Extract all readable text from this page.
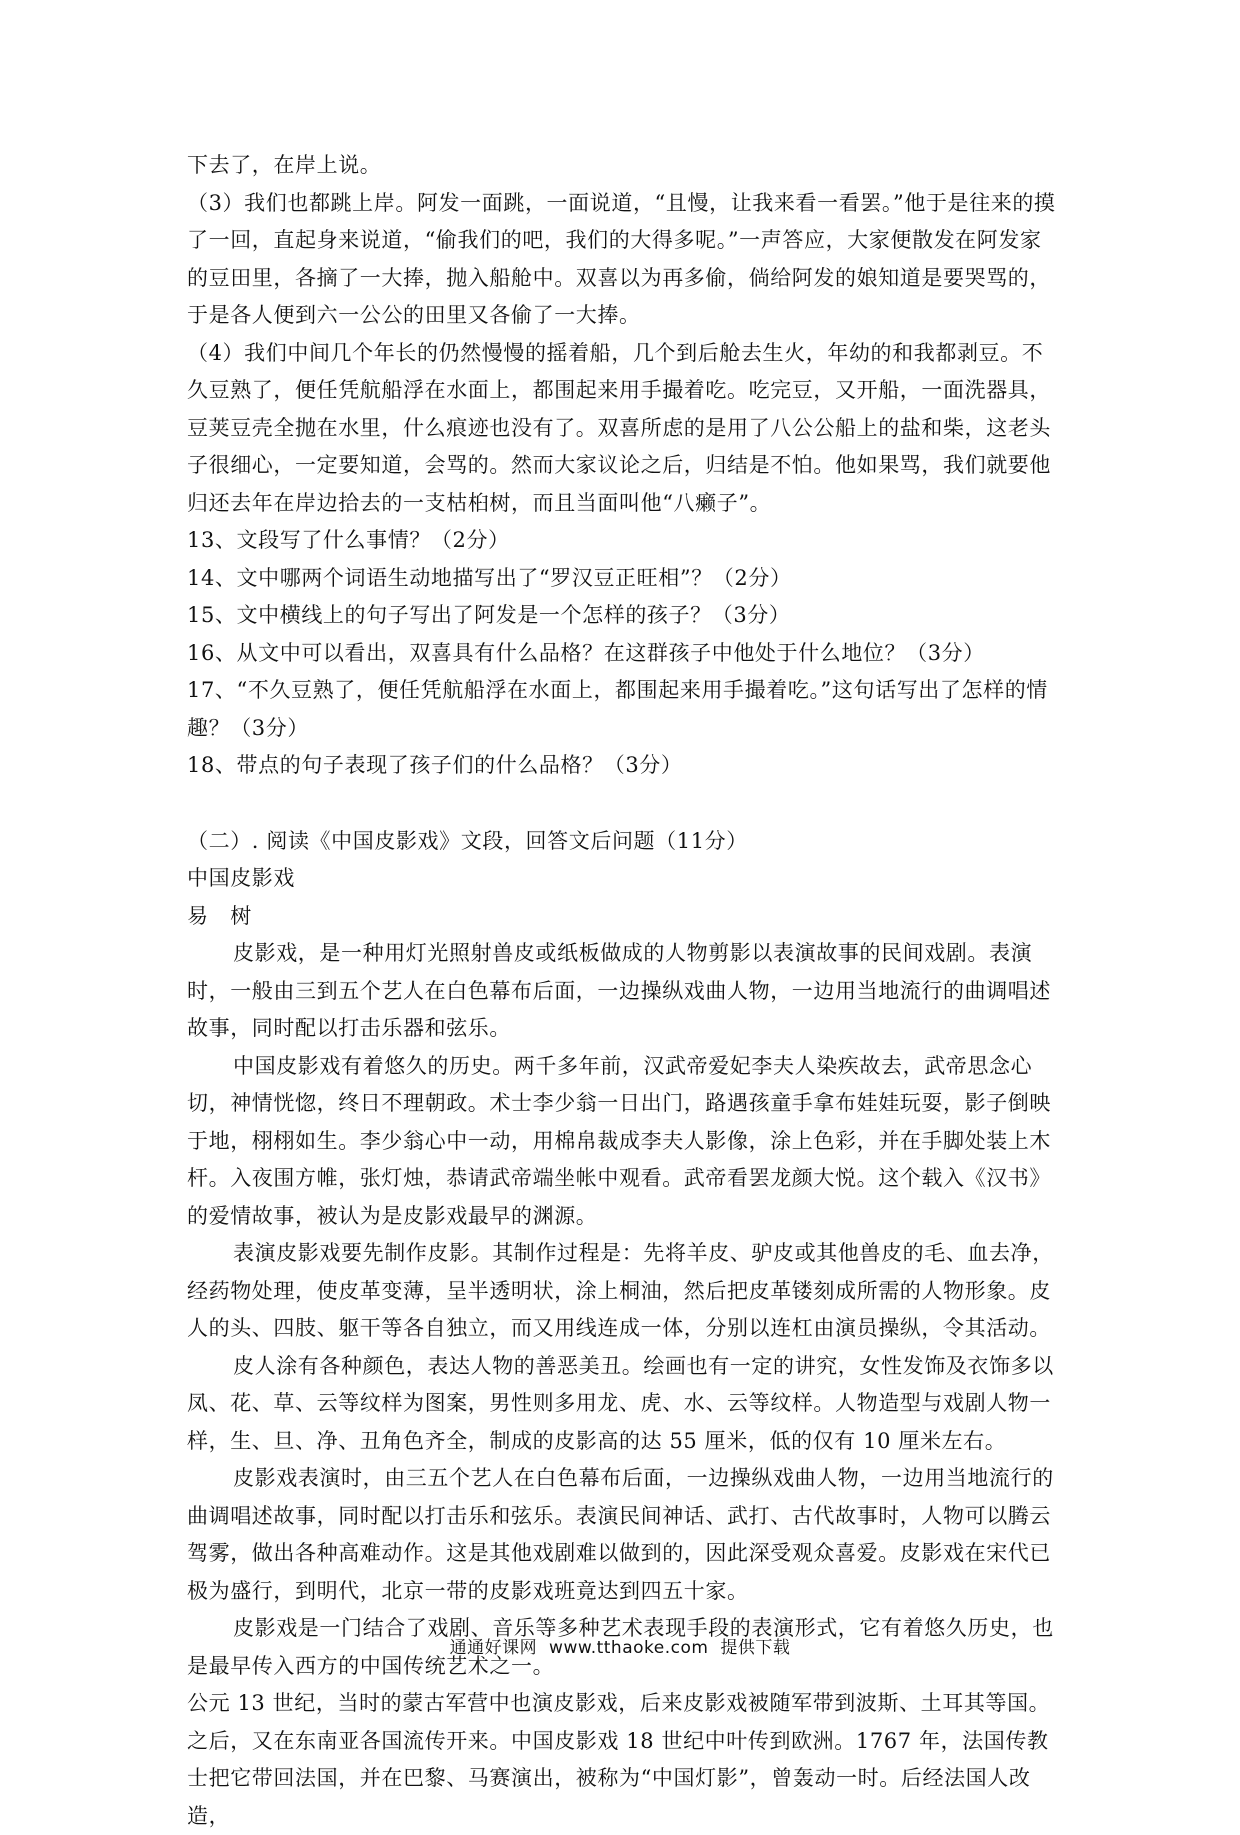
下去了，在岸上说。

（3）我们也都跳上岸。阿发一面跳，一面说道，“且慢，让我来看一看罢。”他于是往来的摸了一回，直起身来说道，“偷我们的吧，我们的大得多呢。”一声答应，大家便散发在阿发家的豆田里，各摘了一大捧，抛入船舱中。双喜以为再多偷，倘给阿发的娘知道是要哭骂的，于是各人便到六一公公的田里又各偷了一大捧。

（4）我们中间几个年长的仍然慢慢的摇着船，几个到后舱去生火，年幼的和我都剥豆。不久豆熟了，便任凭航船浮在水面上，都围起来用手撮着吃。吃完豆，又开船，一面洗器具，豆荚豆壳全抛在水里，什么痕迹也没有了。双喜所虑的是用了八公公船上的盐和柴，这老头子很细心，一定要知道，会骂的。然而大家议论之后，归结是不怕。他如果骂，我们就要他归还去年在岸边拾去的一支枯桕树，而且当面叫他“八癞子”。

13、文段写了什么事情？（2分）

14、文中哪两个词语生动地描写出了“罗汉豆正旺相”？（2分）

15、文中横线上的句子写出了阿发是一个怎样的孩子？（3分）

16、从文中可以看出，双喜具有什么品格？在这群孩子中他处于什么地位？（3分）

17、“不久豆熟了，便任凭航船浮在水面上，都围起来用手撮着吃。”这句话写出了怎样的情趣？（3分）

18、带点的句子表现了孩子们的什么品格？（3分）

（二）. 阅读《中国皮影戏》文段，回答文后问题（11分）

中国皮影戏

易　树

皮影戏，是一种用灯光照射兽皮或纸板做成的人物剪影以表演故事的民间戏剧。表演时，一般由三到五个艺人在白色幕布后面，一边操纵戏曲人物，一边用当地流行的曲调唱述故事，同时配以打击乐器和弦乐。

中国皮影戏有着悠久的历史。两千多年前，汉武帝爱妃李夫人染疾故去，武帝思念心切，神情恍惚，终日不理朝政。术士李少翁一日出门，路遇孩童手拿布娃娃玩耍，影子倒映于地，栩栩如生。李少翁心中一动，用棉帛裁成李夫人影像，涂上色彩，并在手脚处装上木杆。入夜围方帷，张灯烛，恭请武帝端坐帐中观看。武帝看罢龙颜大悦。这个载入《汉书》的爱情故事，被认为是皮影戏最早的渊源。

表演皮影戏要先制作皮影。其制作过程是：先将羊皮、驴皮或其他兽皮的毛、血去净，经药物处理，使皮革变薄，呈半透明状，涂上桐油，然后把皮革镂刻成所需的人物形象。皮人的头、四肢、躯干等各自独立，而又用线连成一体，分别以连杠由演员操纵，令其活动。

皮人涂有各种颜色，表达人物的善恶美丑。绘画也有一定的讲究，女性发饰及衣饰多以凤、花、草、云等纹样为图案，男性则多用龙、虎、水、云等纹样。人物造型与戏剧人物一样，生、旦、净、丑角色齐全，制成的皮影高的达 55 厘米，低的仅有 10 厘米左右。

皮影戏表演时，由三五个艺人在白色幕布后面，一边操纵戏曲人物，一边用当地流行的曲调唱述故事，同时配以打击乐和弦乐。表演民间神话、武打、古代故事时，人物可以腾云驾雾，做出各种高难动作。这是其他戏剧难以做到的，因此深受观众喜爱。皮影戏在宋代已极为盛行，到明代，北京一带的皮影戏班竟达到四五十家。

皮影戏是一门结合了戏剧、音乐等多种艺术表现手段的表演形式，它有着悠久历史，也是最早传入西方的中国传统艺术之一。

公元 13 世纪，当时的蒙古军营中也演皮影戏，后来皮影戏被随军带到波斯、土耳其等国。之后，又在东南亚各国流传开来。中国皮影戏 18 世纪中叶传到欧洲。1767 年，法国传教士把它带回法国，并在巴黎、马赛演出，被称为“中国灯影”，曾轰动一时。后经法国人改造，

通通好课网 www.tthaoke.com 提供下载
